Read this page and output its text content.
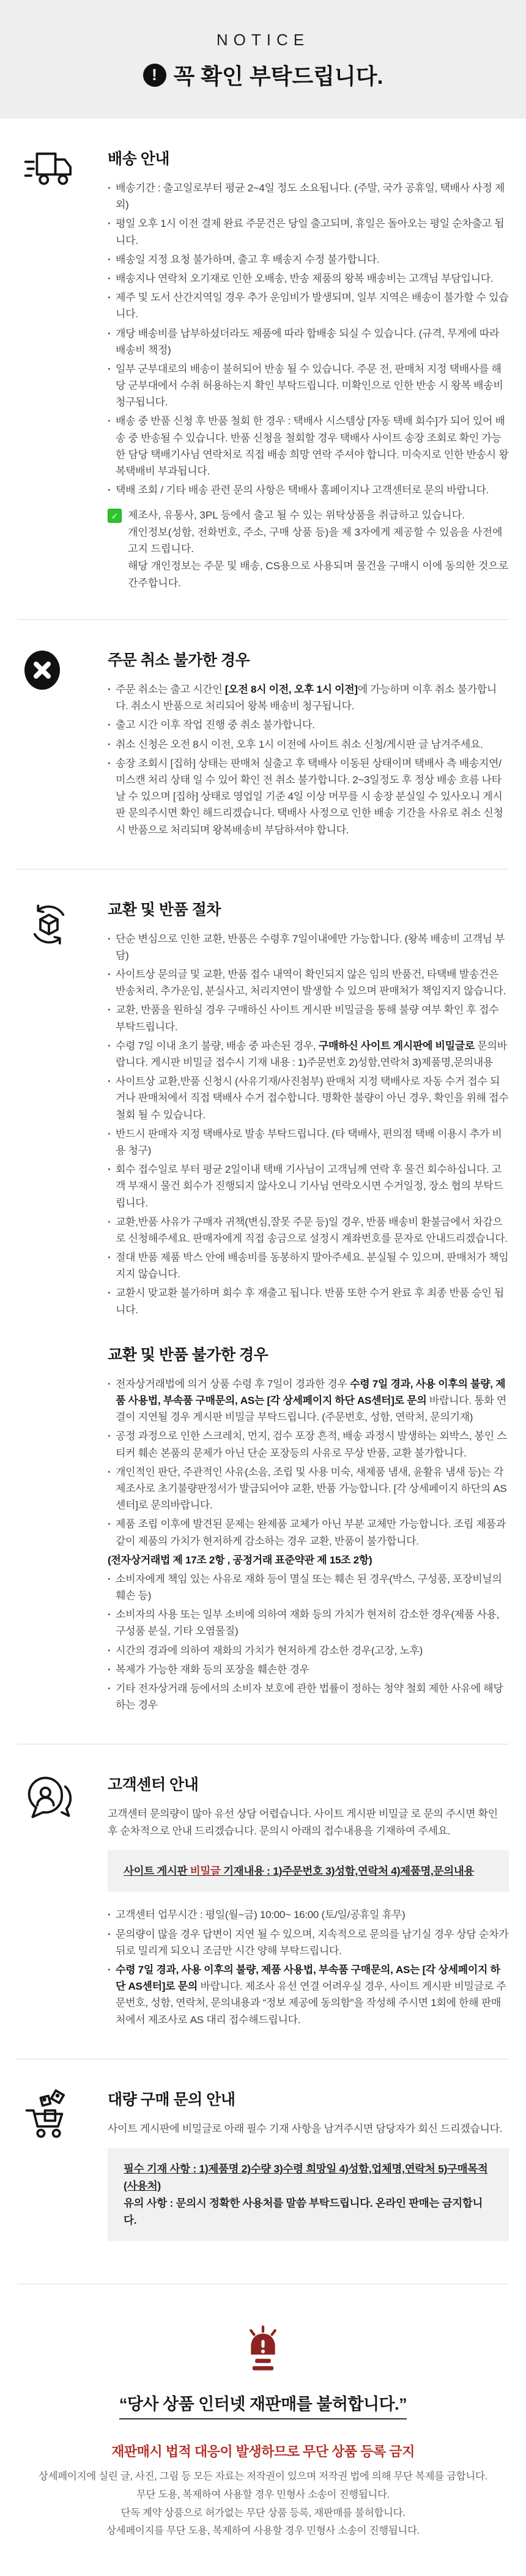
NOTICE
! 꼭 확인 부탁드립니다.
배송 안내
· 배송기간 : 출고일로부터 평균 2~4일 정도 소요됩니다. (주말, 국가 공휴일, 택배사 사정 제외)
· 평일 오후 1시 이전 결제 완료 주문건은 당일 출고되며, 휴일은 돌아오는 평일 순차출고 됩니다.
· 배송일 지정 요청 불가하며, 출고 후 배송지 수정 불가합니다.
· 배송지나 연락처 오기재로 인한 오배송, 반송 제품의 왕복 배송비는 고객님 부담입니다.
· 제주 및 도서 산간지역일 경우 추가 운임비가 발생되며, 일부 지역은 배송이 불가할 수 있습니다.
· 개당 배송비를 납부하셨더라도 제품에 따라 합배송 되실 수 있습니다. (규격, 무게에 따라 배송비 책정)
· 일부 군부대로의 배송이 불허되어 반송 될 수 있습니다. 주문 전, 판매처 지정 택배사를 해당 군부대에서 수취 허용하는지 확인 부탁드립니다. 미확인으로 인한 반송 시 왕복 배송비 청구됩니다.
· 배송 중 반품 신청 후 반품 철회 한 경우 : 택배사 시스템상 [자동 택배 회수]가 되어 있어 배송 중 반송될 수 있습니다. 반품 신청을 철회할 경우 택배사 사이트 송장 조회로 확인 가능한 담당 택배기사님 연락처로 직접 배송 희망 연락 주셔야 합니다. 미숙지로 인한 반송시 왕복택배비 부과됩니다.
· 택배 조회 / 기타 배송 관련 문의 사항은 택배사 홈페이지나 고객센터로 문의 바랍니다.
✓ 제조사, 유통사, 3PL 등에서 출고 될 수 있는 위탁상품을 취급하고 있습니다.
개인정보(성함, 전화번호, 주소, 구매 상품 등)을 제 3자에게 제공할 수 있음을 사전에 고지 드립니다.
해당 개인정보는 주문 및 배송, CS용으로 사용되며 물건을 구매시 이에 동의한 것으로 간주합니다.
주문 취소 불가한 경우
· 주문 취소는 출고 시간인 [오전 8시 이전, 오후 1시 이전]에 가능하며 이후 취소 불가합니다. 취소시 반품으로 처리되어 왕복 배송비 청구됩니다.
· 출고 시간 이후 작업 진행 중 취소 불가합니다.
· 취소 신청은 오전 8시 이전, 오후 1시 이전에 사이트 취소 신청/게시판 글 남겨주세요.
· 송장 조회시 [집하] 상태는 판매처 실출고 후 택배사 이동된 상태이며 택배사 측 배송지연/미스캔 처리 상태 일 수 있어 확인 전 취소 불가합니다. 2~3일정도 후 정상 배송 흐름 나타날 수 있으며 [집하] 상태로 영업일 기준 4일 이상 머무를 시 송장 분실일 수 있사오니 게시판 문의주시면 확인 해드리겠습니다. 택배사 사정으로 인한 배송 기간을 사유로 취소 신청시 반품으로 처리되며 왕복배송비 부담하셔야 합니다.
교환 및 반품 절차
· 단순 변심으로 인한 교환, 반품은 수령후 7일이내에만 가능합니다. (왕복 배송비 고객님 부담)
· 사이트상 문의글 및 교환, 반품 접수 내역이 확인되지 않은 임의 반품건, 타택배 발송건은 반송처리, 추가운임, 분실사고, 처리지연이 발생할 수 있으며 판매처가 책임지지 않습니다.
· 교환, 반품을 원하실 경우 구매하신 사이트 게시판 비밀글을 통해 불량 여부 확인 후 접수 부탁드립니다.
· 수령 7일 이내 초기 불량, 배송 중 파손된 경우, 구매하신 사이트 게시판에 비밀글로 문의바랍니다. 게시판 비밀글 접수시 기재 내용 : 1)주문번호 2)성함,연락처 3)제품명,문의내용
· 사이트상 교환,반품 신청시 (사유기재/사진첨부) 판매처 지정 택배사로 자동 수거 접수 되거나 판매처에서 직접 택배사 수거 접수합니다. 명확한 불량이 아닌 경우, 확인을 위해 접수 철회 될 수 있습니다.
· 반드시 판매자 지정 택배사로 발송 부탁드립니다. (타 택배사, 편의점 택배 이용시 추가 비용 청구)
· 회수 접수일로 부터 평균 2일이내 택배 기사님이 고객님께 연락 후 물건 회수하십니다. 고객 부재시 물건 회수가 진행되지 않사오니 기사님 연락오시면 수거일정, 장소 협의 부탁드립니다.
· 교환,반품 사유가 구매자 귀책(변심,잘못 주문 등)일 경우, 반품 배송비 환불금에서 차감으로 신청해주세요. 판매자에게 직접 송금으로 설정시 계좌번호를 문자로 안내드리겠습니다.
· 절대 반품 제품 박스 안에 배송비를 동봉하지 말아주세요. 분실될 수 있으며, 판매처가 책임지지 않습니다.
· 교환시 맞교환 불가하며 회수 후 재출고 됩니다. 반품 또한 수거 완료 후 최종 반품 승인 됩니다.
교환 및 반품 불가한 경우
· 전자상거래법에 의거 상품 수령 후 7일이 경과한 경우 수령 7일 경과, 사용 이후의 불량, 제품 사용법, 부속품 구매문의, AS는 [각 상세페이지 하단 AS센터]로 문의 바랍니다. 통화 연결이 지연될 경우 게시판 비밀글 부탁드립니다. (주문번호, 성함, 연락처, 문의기재)
· 공정 과정으로 인한 스크레치, 먼지, 검수 포장 흔적, 배송 과정시 발생하는 외박스, 봉인 스티커 훼손 본품의 문제가 아닌 단순 포장등의 사유로 무상 반품, 교환 불가합니다.
· 개인적인 판단, 주관적인 사유(소음, 조립 및 사용 미숙, 새제품 냄새, 윤활유 냄새 등)는 각 제조사로 초기불량판정서가 발급되어야 교환, 반품 가능합니다. [각 상세페이지 하단의 AS센터]로 문의바랍니다.
· 제품 조립 이후에 발견된 문제는 완제품 교체가 아닌 부분 교체만 가능합니다. 조립 제품과 같이 제품의 가치가 현저하게 감소하는 경우 교환, 반품이 불가합니다.
(전자상거래법 제 17조 2항 , 공정거래 표준약관 제 15조 2항)
· 소비자에게 책임 있는 사유로 재화 등이 멸실 또는 훼손 된 경우(박스, 구성품, 포장비닐의 훼손 등)
· 소비자의 사용 또는 일부 소비에 의하여 재화 등의 가치가 현저히 감소한 경우(제품 사용, 구성품 분실, 기타 오염물질)
· 시간의 경과에 의하여 재화의 가치가 현저하게 감소한 경우(고장, 노후)
· 복제가 가능한 재화 등의 포장을 훼손한 경우
· 기타 전자상거래 등에서의 소비자 보호에 관한 법률이 정하는 청약 철회 제한 사유에 해당하는 경우
고객센터 안내

고객센터 문의량이 많아 유선 상담 어렵습니다. 사이트 게시판 비밀글 로 문의 주시면 확인 후 순차적으로 안내 드리겠습니다. 문의시 아래의 접수내용을 기재하여 주세요.

사이트 게시판 비밀글 기재내용 : 1)주문번호 3)성함,연락처 4)제품명,문의내용
· 고객센터 업무시간 : 평일(월~금) 10:00~ 16:00 (토/일/공휴일 휴무)
· 문의량이 많을 경우 답변이 지연 될 수 있으며, 지속적으로 문의를 남기실 경우 상담 순차가 뒤로 밀리게 되오니 조금만 시간 양해 부탁드립니다.
· 수령 7일 경과, 사용 이후의 불량, 제품 사용법, 부속품 구매문의, AS는 [각 상세페이지 하단 AS센터]로 문의 바랍니다. 제조사 유선 연결 어려우실 경우, 사이트 게시판 비밀글로 주문번호, 성함, 연락처, 문의내용과 “정보 제공에 동의함”을 작성해 주시면 1회에 한해 판매처에서 제조사로 AS 대리 접수해드립니다.
대량 구매 문의 안내

사이트 게시판에 비밀글로 아래 필수 기재 사항을 남겨주시면 담당자가 회신 드리겠습니다.

필수 기재 사항 : 1)제품명 2)수량 3)수령 희망일 4)성함,업체명,연락처 5)구매목적(사용처)
유의 사항 : 문의시 정확한 사용처를 말씀 부탁드립니다. 온라인 판매는 금지합니다.
“당사 상품 인터넷 재판매를 불허합니다.”
재판매시 법적 대응이 발생하므로 무단 상품 등록 금지
상세페이지에 실린 글, 사진, 그림 등 모든 자료는 저작권이 있으며 저작권 법에 의해 무단 복제를 금합니다.
무단 도용, 복제하여 사용할 경우 민형사 소송이 진행됩니다.
단독 계약 상품으로 허가없는 무단 상품 등록, 재판매를 불허합니다.
상세페이지를 무단 도용, 복제하여 사용할 경우 민형사 소송이 진행됩니다.
